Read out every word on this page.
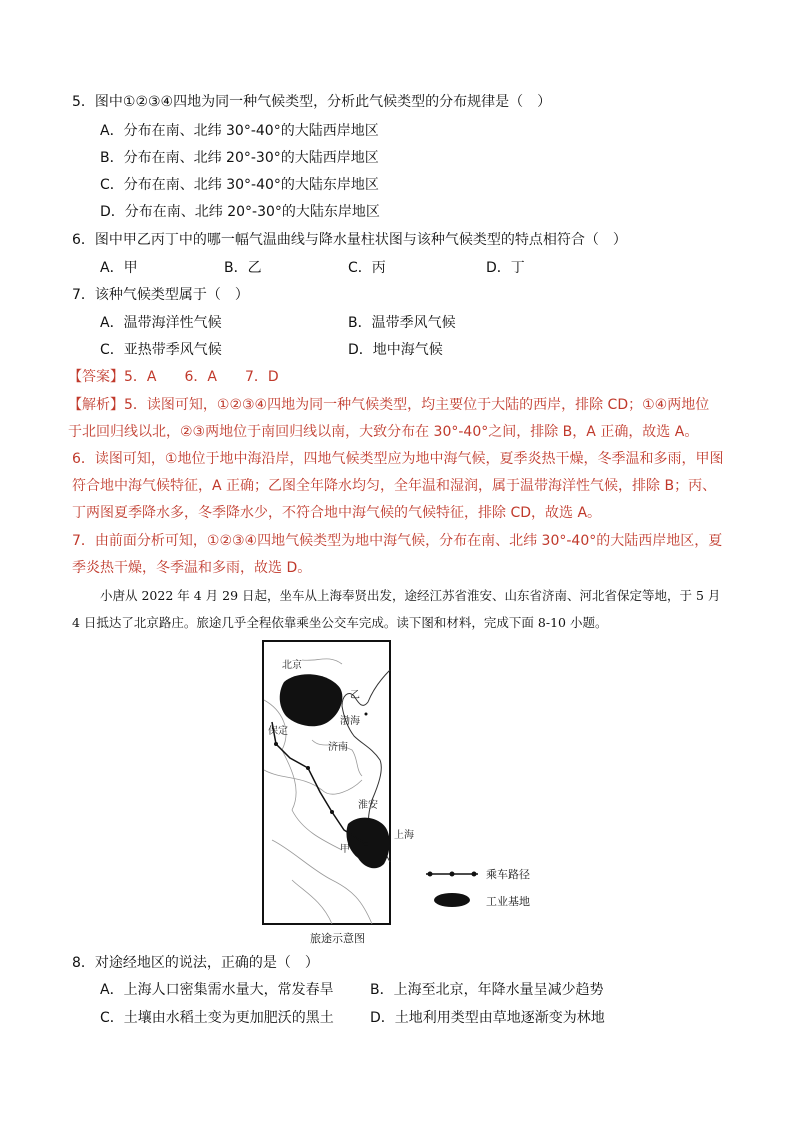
5．图中①②③④四地为同一种气候类型，分析此气候类型的分布规律是（　）
A．分布在南、北纬 30°-40°的大陆西岸地区
B．分布在南、北纬 20°-30°的大陆西岸地区
C．分布在南、北纬 30°-40°的大陆东岸地区
D．分布在南、北纬 20°-30°的大陆东岸地区
6．图中甲乙丙丁中的哪一幅气温曲线与降水量柱状图与该种气候类型的特点相符合（　）
A．甲	B．乙	C．丙	D．丁
7．该种气候类型属于（　）
A．温带海洋性气候	B．温带季风气候
C．亚热带季风气候	D．地中海气候
【答案】5．A　　6．A　　7．D
【解析】5．读图可知，①②③④四地为同一种气候类型，均主要位于大陆的西岸，排除 CD；①④两地位于北回归线以北，②③两地位于南回归线以南，大致分布在 30°-40°之间，排除 B，A 正确，故选 A。
6．读图可知，①地位于地中海沿岸，四地气候类型应为地中海气候，夏季炎热干燥，冬季温和多雨，甲图符合地中海气候特征，A 正确；乙图全年降水均匀，全年温和湿润，属于温带海洋性气候，排除 B；丙、丁两图夏季降水多，冬季降水少，不符合地中海气候的气候特征，排除 CD，故选 A。
7．由前面分析可知，①②③④四地气候类型为地中海气候，分布在南、北纬 30°-40°的大陆西岸地区，夏季炎热干燥，冬季温和多雨，故选 D。
小唐从 2022 年 4 月 29 日起，坐车从上海奉贤出发，途经江苏省淮安、山东省济南、河北省保定等地，于 5 月 4 日抵达了北京路庄。旅途几乎全程依靠乘坐公交车完成。读下图和材料，完成下面 8-10 小题。
北京
乙
渤海
保定
济南
淮安
上海
甲
乘车路径
工业基地
旅途示意图
8．对途经地区的说法，正确的是（　）
A．上海人口密集需水量大，常发春旱	B．上海至北京，年降水量呈减少趋势
C．土壤由水稻土变为更加肥沃的黑土	D．土地利用类型由草地逐渐变为林地
